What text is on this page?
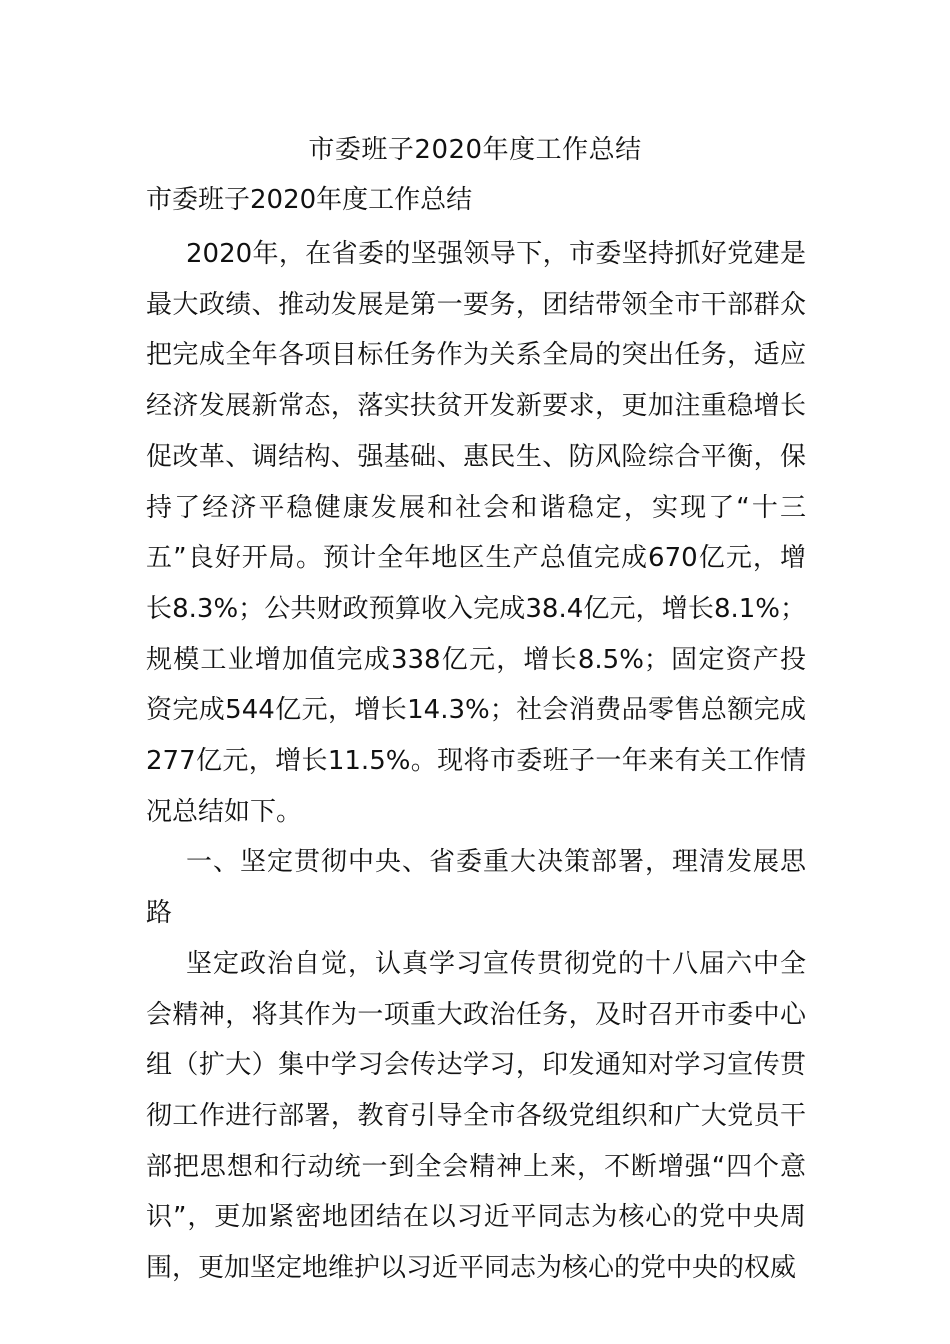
市委班子2020年度工作总结

市委班子2020年度工作总结

2020年，在省委的坚强领导下，市委坚持抓好党建是最大政绩、推动发展是第一要务，团结带领全市干部群众把完成全年各项目标任务作为关系全局的突出任务，适应经济发展新常态，落实扶贫开发新要求，更加注重稳增长促改革、调结构、强基础、惠民生、防风险综合平衡，保持了经济平稳健康发展和社会和谐稳定，实现了“十三五”良好开局。预计全年地区生产总值完成670亿元，增长8.3%；公共财政预算收入完成38.4亿元，增长8.1%；规模工业增加值完成338亿元，增长8.5%；固定资产投资完成544亿元，增长14.3%；社会消费品零售总额完成277亿元，增长11.5%。现将市委班子一年来有关工作情况总结如下。

一、坚定贯彻中央、省委重大决策部署，理清发展思路

坚定政治自觉，认真学习宣传贯彻党的十八届六中全会精神，将其作为一项重大政治任务，及时召开市委中心组（扩大）集中学习会传达学习，印发通知对学习宣传贯彻工作进行部署，教育引导全市各级党组织和广大党员干部把思想和行动统一到全会精神上来，不断增强“四个意识”，更加紧密地团结在以习近平同志为核心的党中央周围，更加坚定地维护以习近平同志为核心的党中央的权威
